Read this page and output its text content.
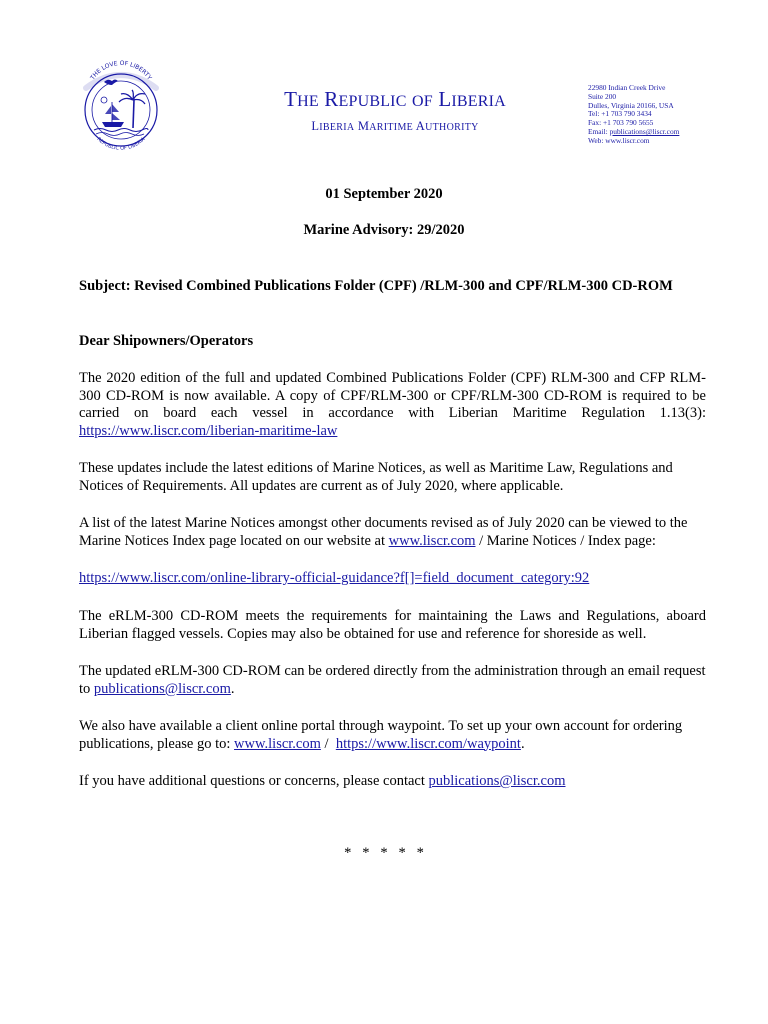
THE LOVE OF LIBERTY
REPUBLIC OF LIBERIA
THE REPUBLIC OF LIBERIA
LIBERIA MARITIME AUTHORITY
22980 Indian Creek Drive
Suite 200
Dulles, Virginia 20166, USA
Tel: +1 703 790 3434
Fax: +1 703 790 5655
Email: publications@liscr.com
Web: www.liscr.com
01 September 2020
Marine Advisory: 29/2020
Subject: Revised Combined Publications Folder (CPF) /RLM-300 and CPF/RLM-300 CD-ROM
Dear Shipowners/Operators
The 2020 edition of the full and updated Combined Publications Folder (CPF) RLM-300 and CFP RLM-300 CD-ROM is now available. A copy of CPF/RLM-300 or CPF/RLM-300 CD-ROM is required to be carried on board each vessel in accordance with Liberian Maritime Regulation 1.13(3): https://www.liscr.com/liberian-maritime-law
These updates include the latest editions of Marine Notices, as well as Maritime Law, Regulations and Notices of Requirements. All updates are current as of July 2020, where applicable.
A list of the latest Marine Notices amongst other documents revised as of July 2020 can be viewed to the Marine Notices Index page located on our website at www.liscr.com / Marine Notices / Index page:
https://www.liscr.com/online-library-official-guidance?f[]=field_document_category:92
The eRLM-300 CD-ROM meets the requirements for maintaining the Laws and Regulations, aboard Liberian flagged vessels. Copies may also be obtained for use and reference for shoreside as well.
The updated eRLM-300 CD-ROM can be ordered directly from the administration through an email request to publications@liscr.com.
We also have available a client online portal through waypoint. To set up your own account for ordering publications, please go to: www.liscr.com /  https://www.liscr.com/waypoint.
If you have additional questions or concerns, please contact publications@liscr.com
*   *   *   *   *
